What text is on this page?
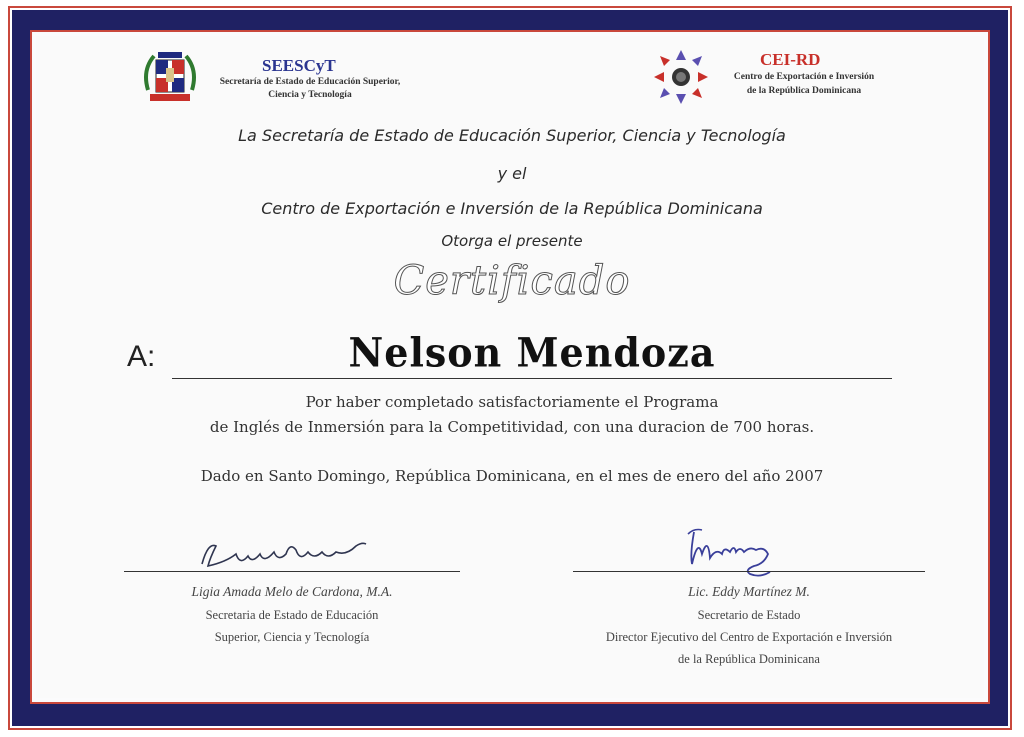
SEESCyT
Secretaría de Estado de Educación Superior,
Ciencia y Tecnología
CEI-RD
Centro de Exportación e Inversión
de la República Dominicana
La Secretaría de Estado de Educación Superior, Ciencia y Tecnología
y el
Centro de Exportación e Inversión de la República Dominicana
Otorga el presente
Certificado
A:	Nelson Mendoza
Por haber completado satisfactoriamente el Programa
de Inglés de Inmersión para la Competitividad, con una duracion de 700 horas.
Dado en Santo Domingo, República Dominicana, en el mes de enero del año 2007
Ligia Amada Melo de Cardona, M.A.
Secretaria de Estado de Educación
Superior, Ciencia y Tecnología
Lic. Eddy Martínez M.
Secretario de Estado
Director Ejecutivo del Centro de Exportación e Inversión
de la República Dominicana
